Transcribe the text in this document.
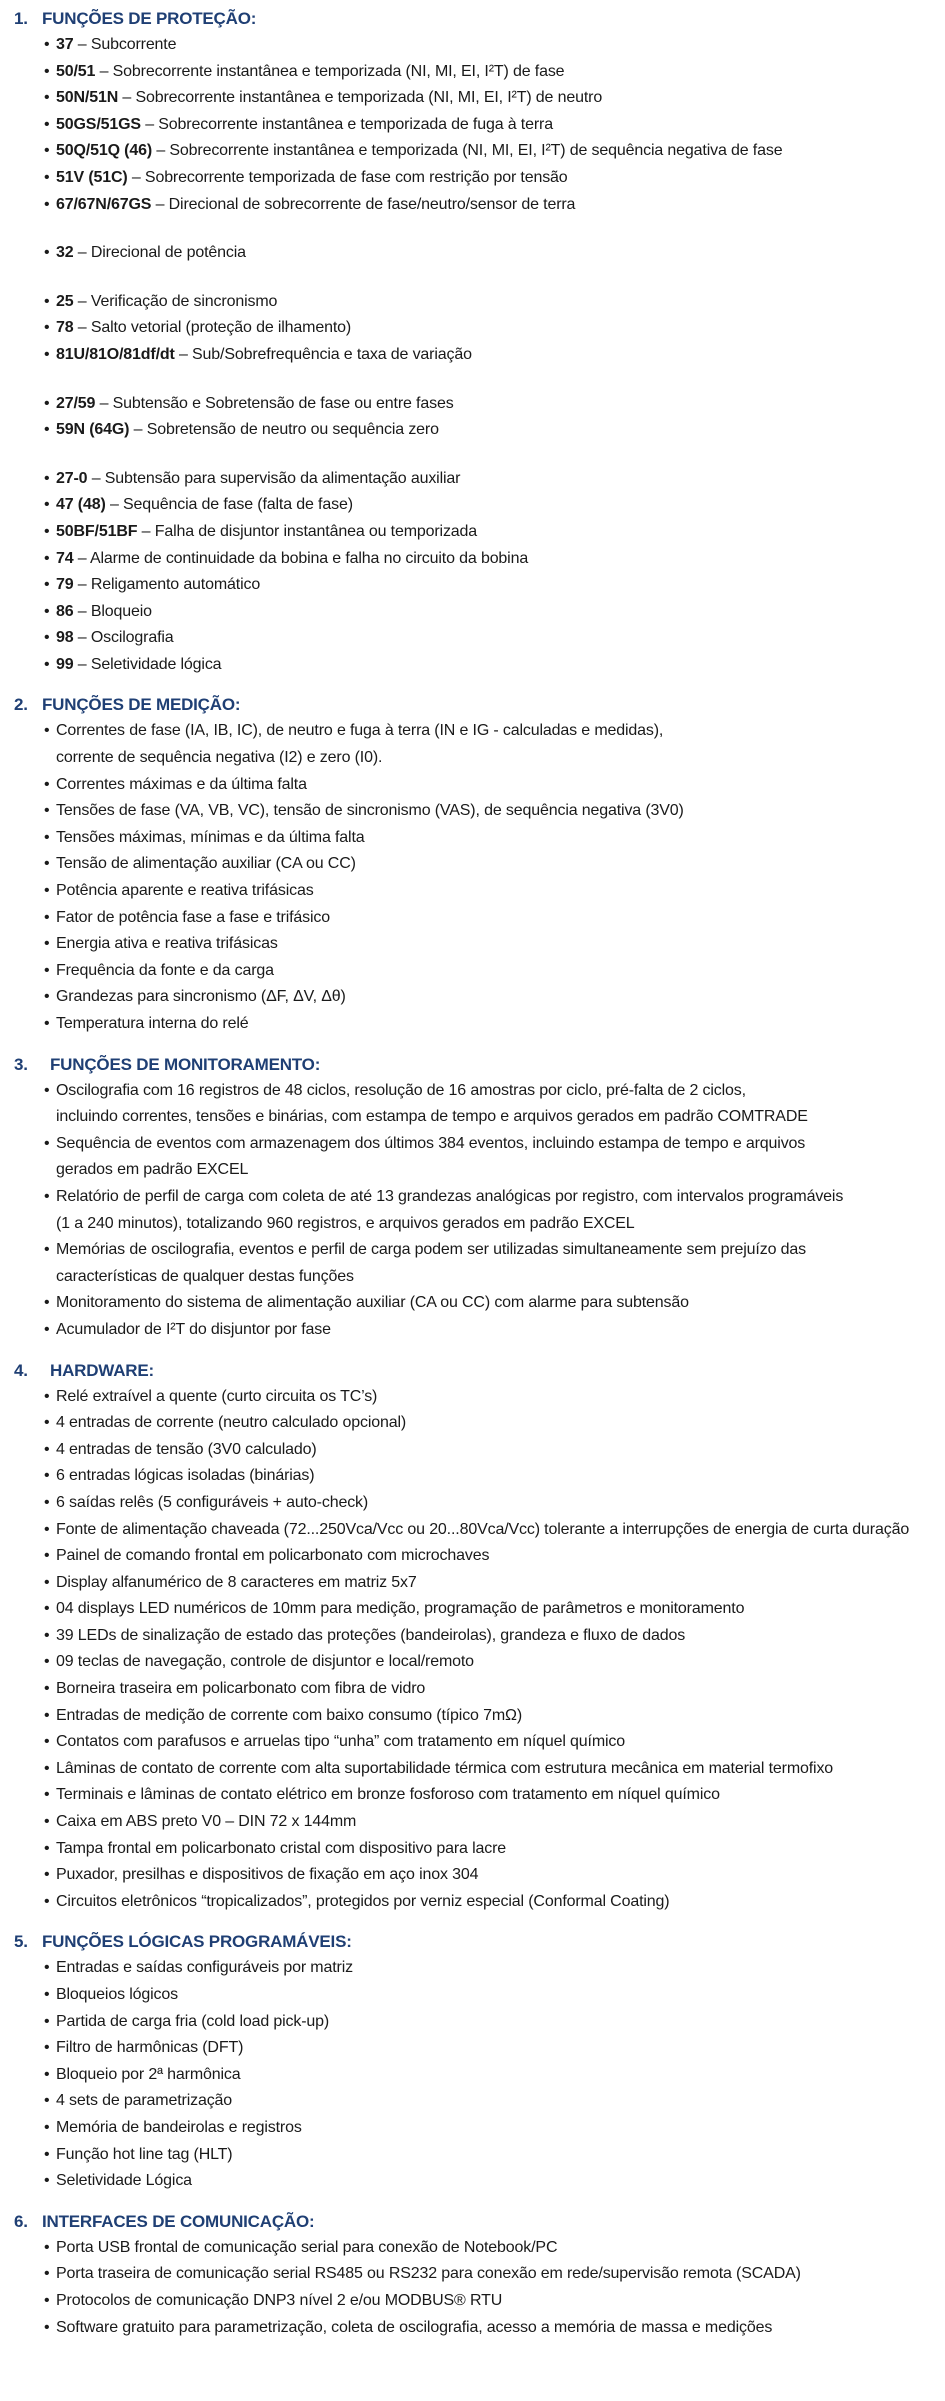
1. FUNÇÕES DE PROTEÇÃO:
• 37 – Subcorrente
• 50/51 – Sobrecorrente instantânea e temporizada (NI, MI, EI, I²T) de fase
• 50N/51N – Sobrecorrente instantânea e temporizada (NI, MI, EI, I²T) de neutro
• 50GS/51GS – Sobrecorrente instantânea e temporizada de fuga à terra
• 50Q/51Q (46) – Sobrecorrente instantânea e temporizada (NI, MI, EI, I²T) de sequência negativa de fase
• 51V (51C) – Sobrecorrente temporizada de fase com restrição por tensão
• 67/67N/67GS – Direcional de sobrecorrente de fase/neutro/sensor de terra
• 32 – Direcional de potência
• 25 – Verificação de sincronismo
• 78 – Salto vetorial (proteção de ilhamento)
• 81U/81O/81df/dt – Sub/Sobrefrequência e taxa de variação
• 27/59 – Subtensão e Sobretensão de fase ou entre fases
• 59N (64G) – Sobretensão de neutro ou sequência zero
• 27-0 – Subtensão para supervisão da alimentação auxiliar
• 47 (48) – Sequência de fase (falta de fase)
• 50BF/51BF – Falha de disjuntor instantânea ou temporizada
• 74 – Alarme de continuidade da bobina e falha no circuito da bobina
• 79 – Religamento automático
• 86 – Bloqueio
• 98 – Oscilografia
• 99 – Seletividade lógica
2. FUNÇÕES DE MEDIÇÃO:
• Correntes de fase (IA, IB, IC), de neutro e fuga à terra (IN e IG - calculadas e medidas),
corrente de sequência negativa (I2) e zero (I0).
• Correntes máximas e da última falta
• Tensões de fase (VA, VB, VC), tensão de sincronismo (VAS), de sequência negativa (3V0)
• Tensões máximas, mínimas e da última falta
• Tensão de alimentação auxiliar (CA ou CC)
• Potência aparente e reativa trifásicas
• Fator de potência fase a fase e trifásico
• Energia ativa e reativa trifásicas
• Frequência da fonte e da carga
• Grandezas para sincronismo (ΔF, ΔV, Δθ)
• Temperatura interna do relé
3. FUNÇÕES DE MONITORAMENTO:
• Oscilografia com 16 registros de 48 ciclos, resolução de 16 amostras por ciclo, pré-falta de 2 ciclos,
incluindo correntes, tensões e binárias, com estampa de tempo e arquivos gerados em padrão COMTRADE
• Sequência de eventos com armazenagem dos últimos 384 eventos, incluindo estampa de tempo e arquivos
gerados em padrão EXCEL
• Relatório de perfil de carga com coleta de até 13 grandezas analógicas por registro, com intervalos programáveis
(1 a 240 minutos), totalizando 960 registros, e arquivos gerados em padrão EXCEL
• Memórias de oscilografia, eventos e perfil de carga podem ser utilizadas simultaneamente sem prejuízo das
características de qualquer destas funções
• Monitoramento do sistema de alimentação auxiliar (CA ou CC) com alarme para subtensão
• Acumulador de I²T do disjuntor por fase
4. HARDWARE:
• Relé extraível a quente (curto circuita os TC’s)
• 4 entradas de corrente (neutro calculado opcional)
• 4 entradas de tensão (3V0 calculado)
• 6 entradas lógicas isoladas (binárias)
• 6 saídas relês (5 configuráveis + auto-check)
• Fonte de alimentação chaveada (72...250Vca/Vcc ou 20...80Vca/Vcc) tolerante a interrupções de energia de curta duração
• Painel de comando frontal em policarbonato com microchaves
• Display alfanumérico de 8 caracteres em matriz 5x7
• 04 displays LED numéricos de 10mm para medição, programação de parâmetros e monitoramento
• 39 LEDs de sinalização de estado das proteções (bandeirolas), grandeza e fluxo de dados
• 09 teclas de navegação, controle de disjuntor e local/remoto
• Borneira traseira em policarbonato com fibra de vidro
• Entradas de medição de corrente com baixo consumo (típico 7mΩ)
• Contatos com parafusos e arruelas tipo “unha” com tratamento em níquel químico
• Lâminas de contato de corrente com alta suportabilidade térmica com estrutura mecânica em material termofixo
• Terminais e lâminas de contato elétrico em bronze fosforoso com tratamento em níquel químico
• Caixa em ABS preto V0 – DIN 72 x 144mm
• Tampa frontal em policarbonato cristal com dispositivo para lacre
• Puxador, presilhas e dispositivos de fixação em aço inox 304
• Circuitos eletrônicos “tropicalizados”, protegidos por verniz especial (Conformal Coating)
5. FUNÇÕES LÓGICAS PROGRAMÁVEIS:
• Entradas e saídas configuráveis por matriz
• Bloqueios lógicos
• Partida de carga fria (cold load pick-up)
• Filtro de harmônicas (DFT)
• Bloqueio por 2ª harmônica
• 4 sets de parametrização
• Memória de bandeirolas e registros
• Função hot line tag (HLT)
• Seletividade Lógica
6. INTERFACES DE COMUNICAÇÃO:
• Porta USB frontal de comunicação serial para conexão de Notebook/PC
• Porta traseira de comunicação serial RS485 ou RS232 para conexão em rede/supervisão remota (SCADA)
• Protocolos de comunicação DNP3 nível 2 e/ou MODBUS® RTU
• Software gratuito para parametrização, coleta de oscilografia, acesso a memória de massa e medições
